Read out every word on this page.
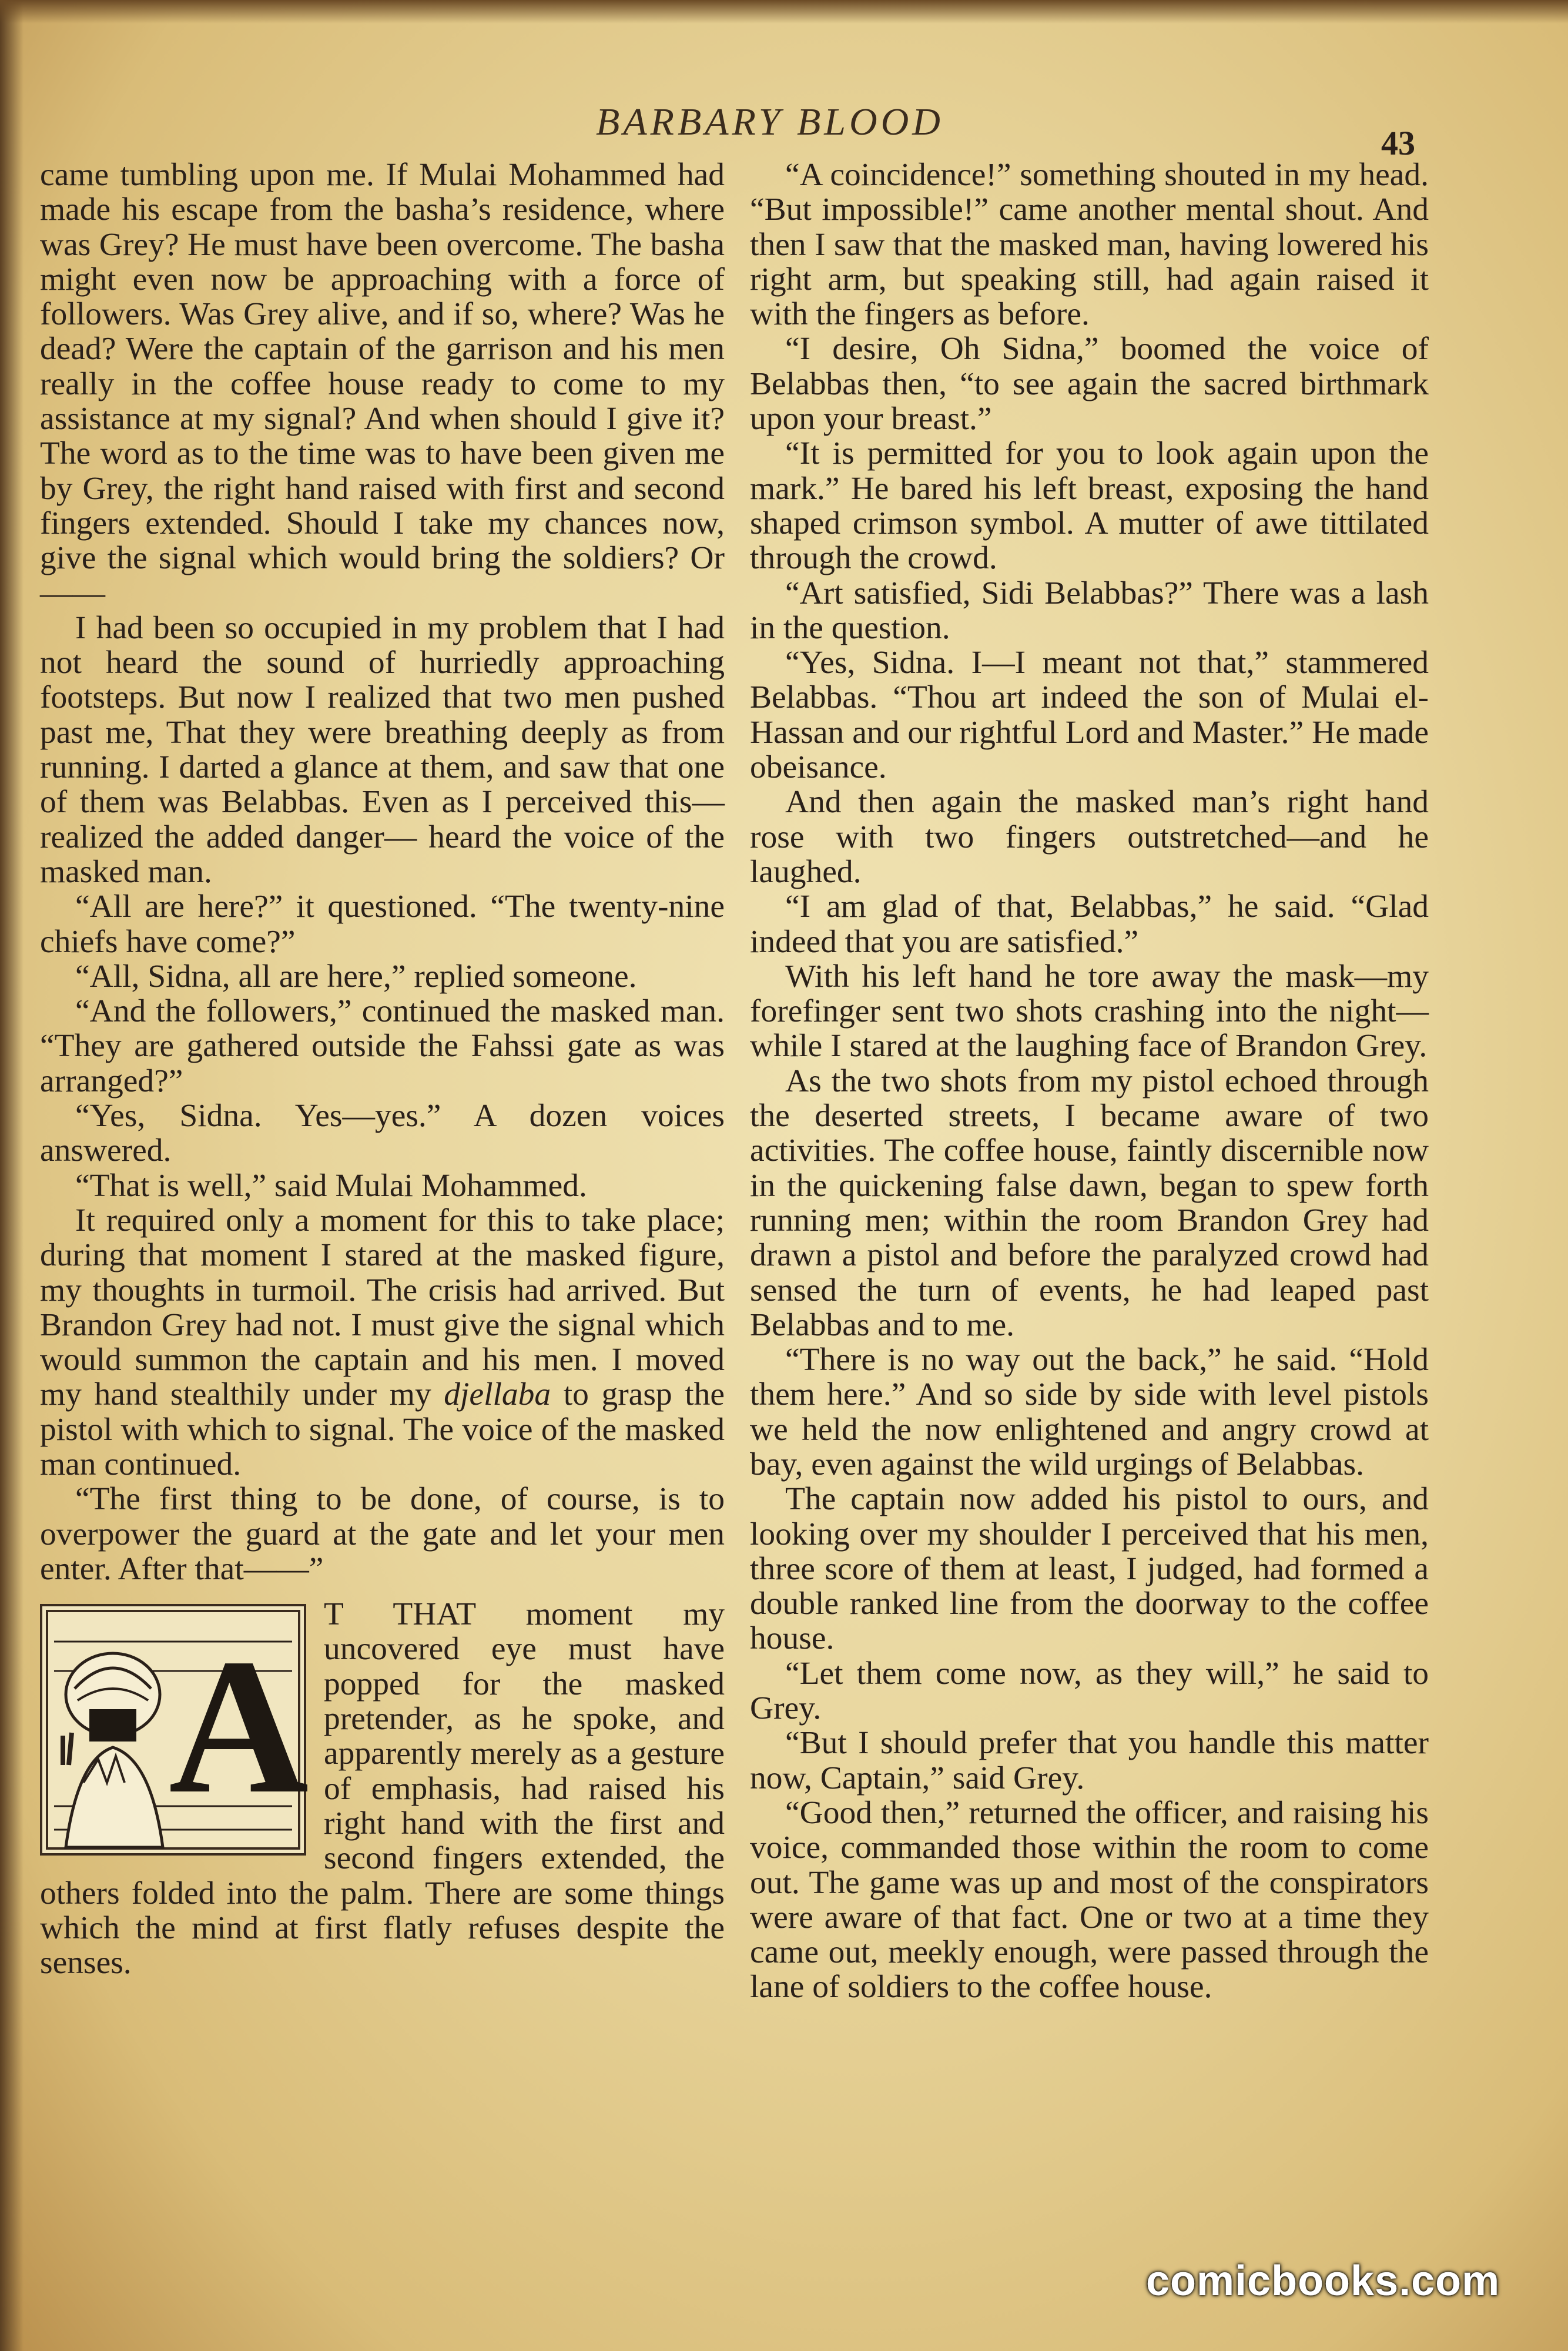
BARBARY BLOOD	43

came tumbling upon me. If Mulai Mohammed had made his escape from the basha’s residence, where was Grey? He must have been overcome. The basha might even now be approaching with a force of followers. Was Grey alive, and if so, where? Was he dead? Were the captain of the garrison and his men really in the coffee house ready to come to my assistance at my signal? And when should I give it? The word as to the time was to have been given me by Grey, the right hand raised with first and second fingers extended. Should I take my chances now, give the signal which would bring the soldiers? Or——

I had been so occupied in my problem that I had not heard the sound of hurriedly approaching footsteps. But now I realized that two men pushed past me, That they were breathing deeply as from running. I darted a glance at them, and saw that one of them was Belabbas. Even as I perceived this—realized the added danger— heard the voice of the masked man.

“All are here?” it questioned. “The twenty-nine chiefs have come?”

“All, Sidna, all are here,” replied someone.

“And the followers,” continued the masked man. “They are gathered outside the Fahssi gate as was arranged?”

“Yes, Sidna. Yes—yes.” A dozen voices answered.

“That is well,” said Mulai Mohammed.

It required only a moment for this to take place; during that moment I stared at the masked figure, my thoughts in turmoil. The crisis had arrived. But Brandon Grey had not. I must give the signal which would summon the captain and his men. I moved my hand stealthily under my djellaba to grasp the pistol with which to signal. The voice of the masked man continued.

“The first thing to be done, of course, is to overpower the guard at the gate and let your men enter. After that——”

A
T THAT moment my uncovered eye must have popped for the masked pretender, as he spoke, and apparently merely as a gesture of emphasis, had raised his right hand with the first and second fingers extended, the others folded into the palm. There are some things which the mind at first flatly refuses despite the senses.

“A coincidence!” something shouted in my head. “But impossible!” came another mental shout. And then I saw that the masked man, having lowered his right arm, but speaking still, had again raised it with the fingers as before.

“I desire, Oh Sidna,” boomed the voice of Belabbas then, “to see again the sacred birthmark upon your breast.”

“It is permitted for you to look again upon the mark.” He bared his left breast, exposing the hand shaped crimson symbol. A mutter of awe tittilated through the crowd.

“Art satisfied, Sidi Belabbas?” There was a lash in the question.

“Yes, Sidna. I—I meant not that,” stammered Belabbas. “Thou art indeed the son of Mulai el-Hassan and our rightful Lord and Master.” He made obeisance.

And then again the masked man’s right hand rose with two fingers outstretched—and he laughed.

“I am glad of that, Belabbas,” he said. “Glad indeed that you are satisfied.”

With his left hand he tore away the mask—my forefinger sent two shots crashing into the night—while I stared at the laughing face of Brandon Grey.

As the two shots from my pistol echoed through the deserted streets, I became aware of two activities. The coffee house, faintly discernible now in the quickening false dawn, began to spew forth running men; within the room Brandon Grey had drawn a pistol and before the paralyzed crowd had sensed the turn of events, he had leaped past Belabbas and to me.

“There is no way out the back,” he said. “Hold them here.” And so side by side with level pistols we held the now enlightened and angry crowd at bay, even against the wild urgings of Belabbas.

The captain now added his pistol to ours, and looking over my shoulder I perceived that his men, three score of them at least, I judged, had formed a double ranked line from the doorway to the coffee house.

“Let them come now, as they will,” he said to Grey.

“But I should prefer that you handle this matter now, Captain,” said Grey.

“Good then,” returned the officer, and raising his voice, commanded those within the room to come out. The game was up and most of the conspirators were aware of that fact. One or two at a time they came out, meekly enough, were passed through the lane of soldiers to the coffee house.

comicbooks.com
